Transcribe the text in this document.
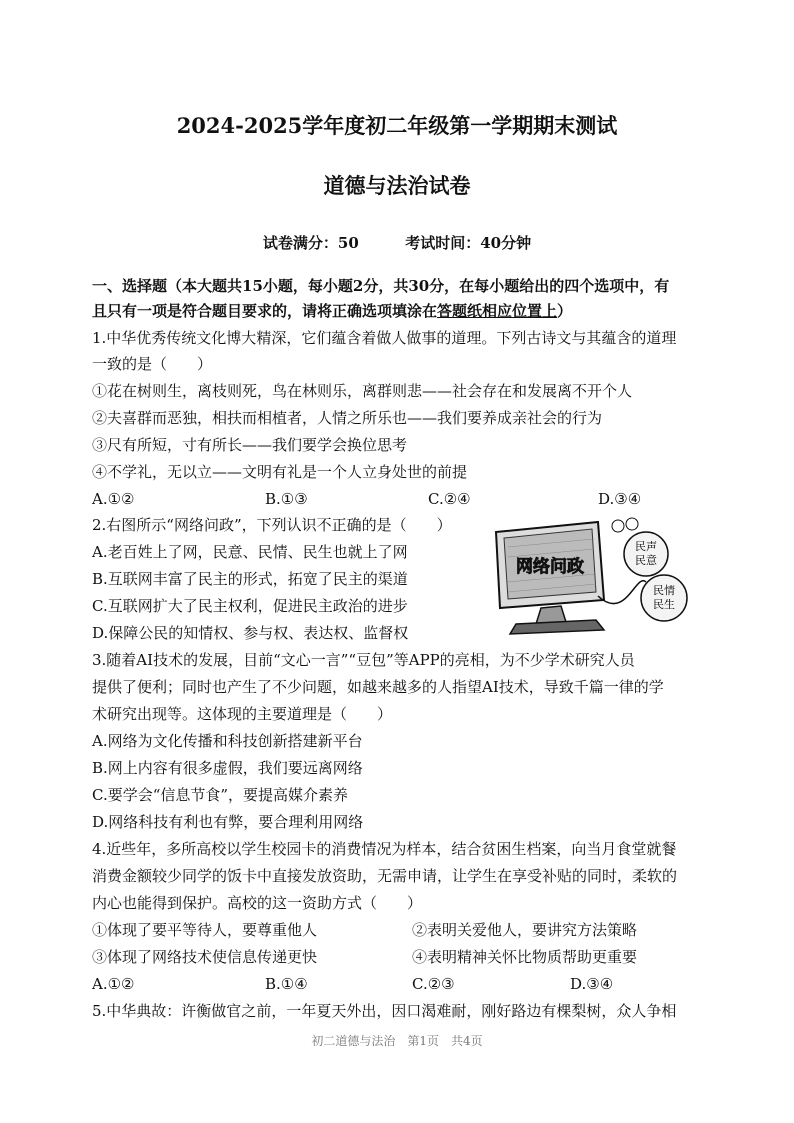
2024-2025学年度初二年级第一学期期末测试
道德与法治试卷
试卷满分：50	考试时间：40分钟
一、选择题（本大题共15小题，每小题2分，共30分，在每小题给出的四个选项中，有
且只有一项是符合题目要求的，请将正确选项填涂在答题纸相应位置上）
1.中华优秀传统文化博大精深，它们蕴含着做人做事的道理。下列古诗文与其蕴含的道理
一致的是（　　）
①花在树则生，离枝则死，鸟在林则乐，离群则悲——社会存在和发展离不开个人
②夫喜群而恶独，相扶而相植者，人情之所乐也——我们要养成亲社会的行为
③尺有所短，寸有所长——我们要学会换位思考
④不学礼，无以立——文明有礼是一个人立身处世的前提
A.①②	B.①③	C.②④	D.③④
2.右图所示“网络问政”，下列认识不正确的是（　　）
A.老百姓上了网，民意、民情、民生也就上了网
B.互联网丰富了民主的形式，拓宽了民主的渠道
C.互联网扩大了民主权利，促进民主政治的进步
D.保障公民的知情权、参与权、表达权、监督权
网络问政
民声
民意
民情
民生
3.随着AI技术的发展，目前“文心一言”“豆包”等APP的亮相，为不少学术研究人员
提供了便利；同时也产生了不少问题，如越来越多的人指望AI技术，导致千篇一律的学
术研究出现等。这体现的主要道理是（　　）
A.网络为文化传播和科技创新搭建新平台
B.网上内容有很多虚假，我们要远离网络
C.要学会“信息节食”，要提高媒介素养
D.网络科技有利也有弊，要合理利用网络
4.近些年，多所高校以学生校园卡的消费情况为样本，结合贫困生档案，向当月食堂就餐
消费金额较少同学的饭卡中直接发放资助，无需申请，让学生在享受补贴的同时，柔软的
内心也能得到保护。高校的这一资助方式（　　）
①体现了要平等待人，要尊重他人	②表明关爱他人，要讲究方法策略
③体现了网络技术使信息传递更快	④表明精神关怀比物质帮助更重要
A.①②	B.①④	C.②③	D.③④
5.中华典故：许衡做官之前，一年夏天外出，因口渴难耐，刚好路边有棵梨树，众人争相
初二道德与法治　第1页　共4页
